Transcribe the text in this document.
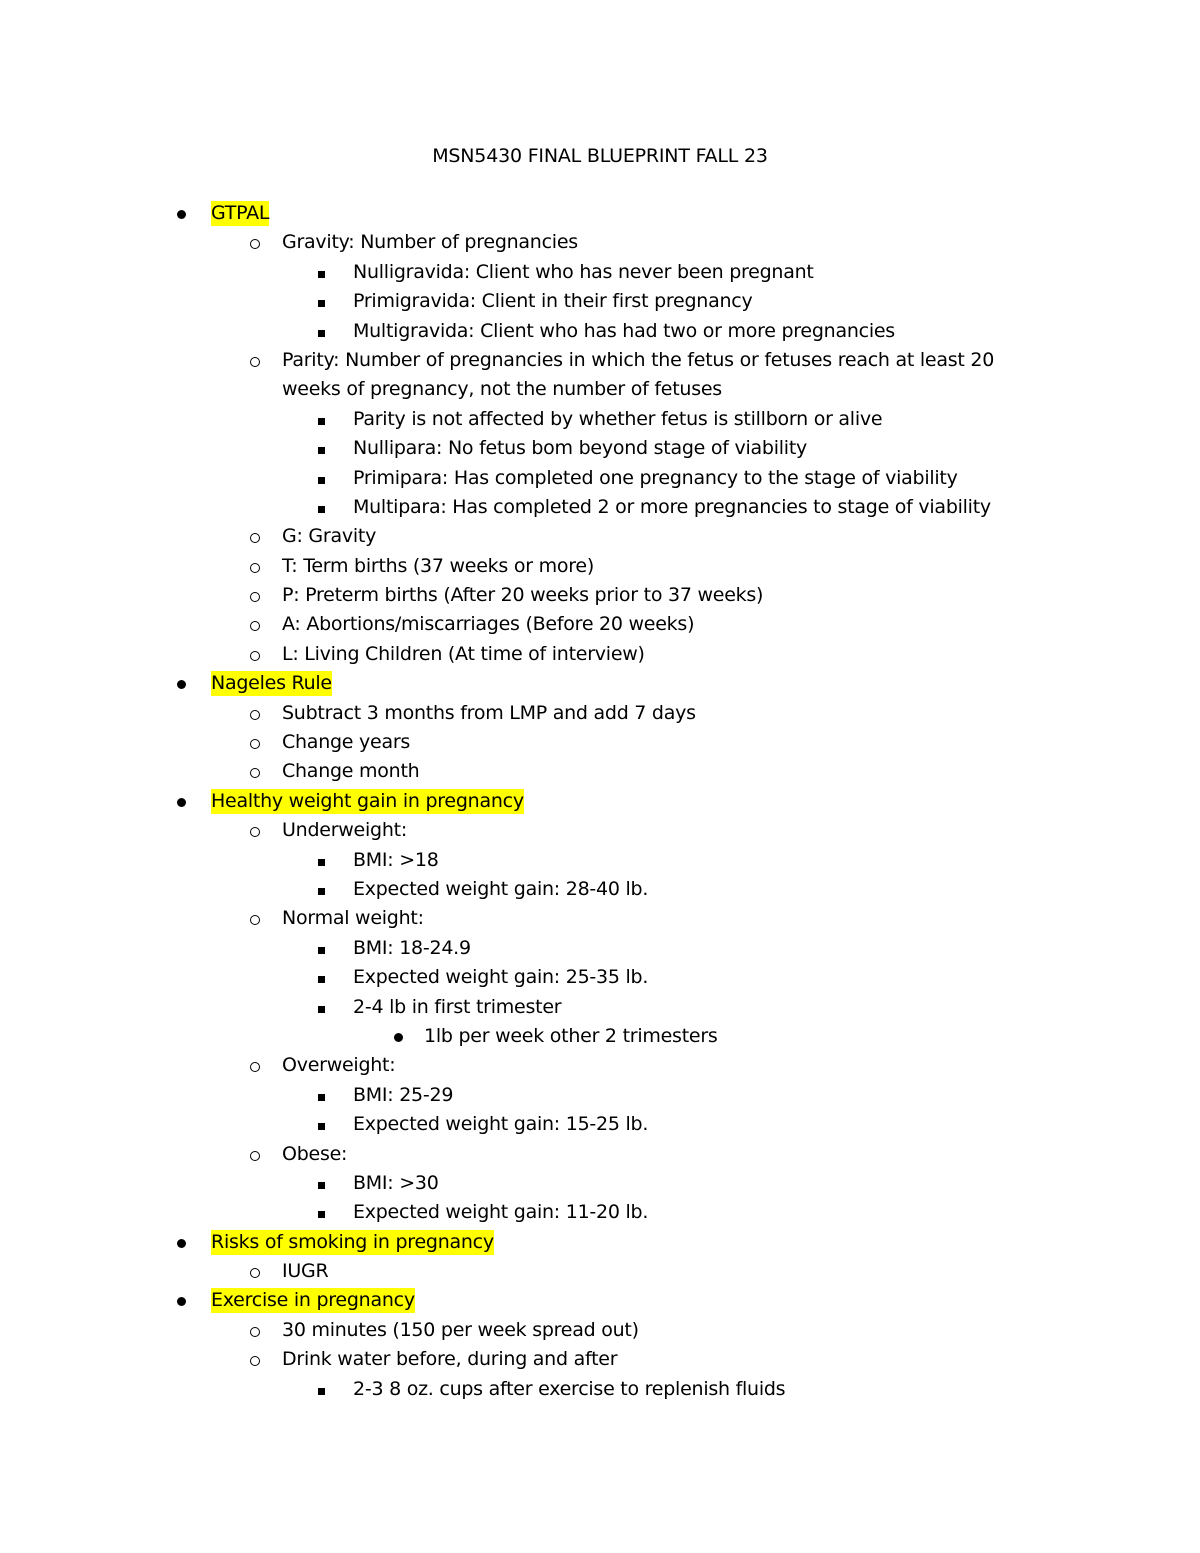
MSN5430 FINAL BLUEPRINT FALL 23
GTPAL
Gravity: Number of pregnancies
Nulligravida: Client who has never been pregnant
Primigravida: Client in their first pregnancy
Multigravida: Client who has had two or more pregnancies
Parity: Number of pregnancies in which the fetus or fetuses reach at least 20 weeks of pregnancy, not the number of fetuses
Parity is not affected by whether fetus is stillborn or alive
Nullipara: No fetus bom beyond stage of viability
Primipara: Has completed one pregnancy to the stage of viability
Multipara: Has completed 2 or more pregnancies to stage of viability
G: Gravity
T: Term births (37 weeks or more)
P: Preterm births (After 20 weeks prior to 37 weeks)
A: Abortions/miscarriages (Before 20 weeks)
L: Living Children (At time of interview)
Nageles Rule
Subtract 3 months from LMP and add 7 days
Change years
Change month
Healthy weight gain in pregnancy
Underweight:
BMI: >18
Expected weight gain: 28-40 lb.
Normal weight:
BMI: 18-24.9
Expected weight gain: 25-35 lb.
2-4 lb in first trimester
1lb per week other 2 trimesters
Overweight:
BMI: 25-29
Expected weight gain: 15-25 lb.
Obese:
BMI: >30
Expected weight gain: 11-20 lb.
Risks of smoking in pregnancy
IUGR
Exercise in pregnancy
30 minutes (150 per week spread out)
Drink water before, during and after
2-3 8 oz. cups after exercise to replenish fluids
